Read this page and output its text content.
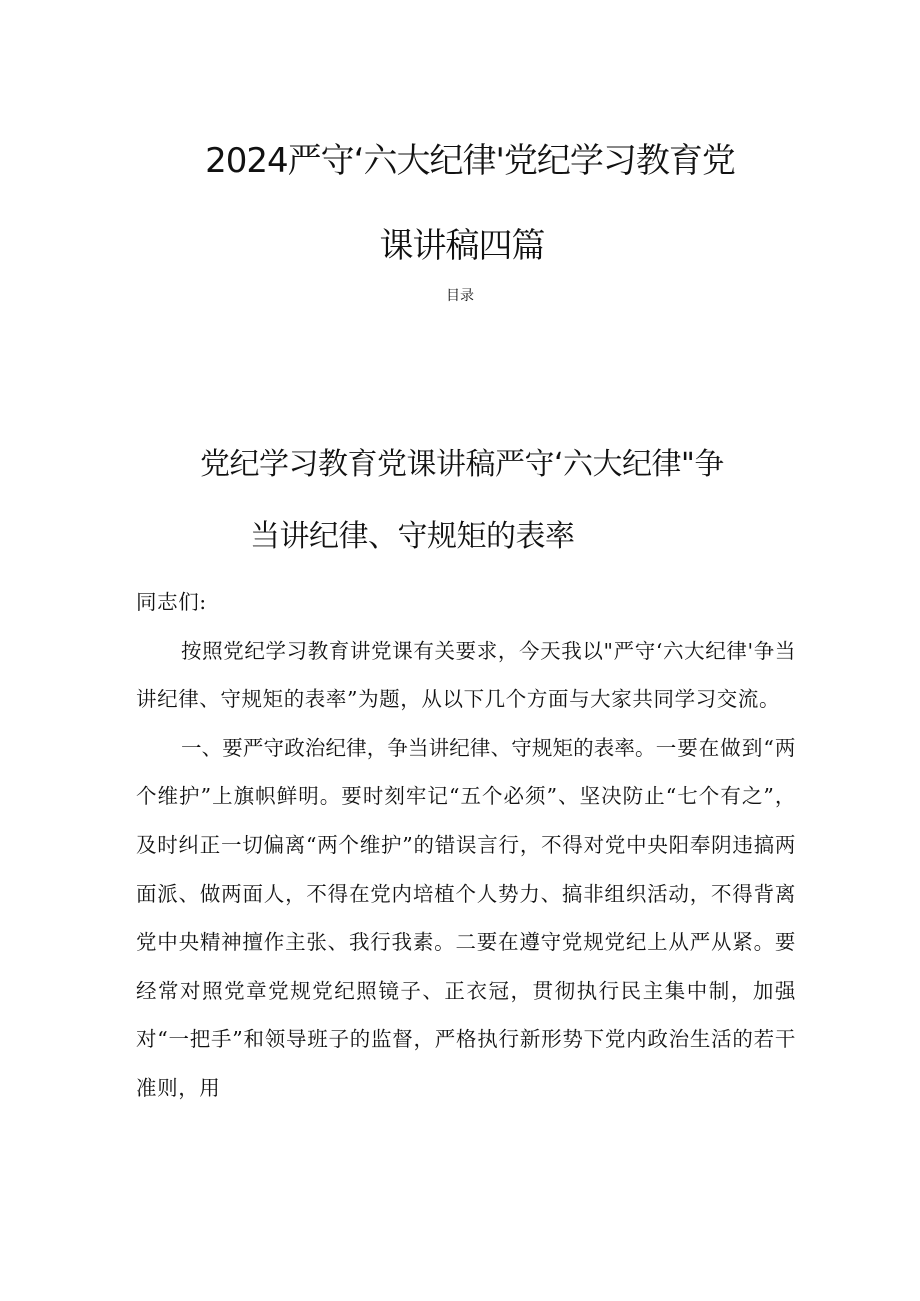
2024严守‘六大纪律'党纪学习教育党
课讲稿四篇
目录
党纪学习教育党课讲稿严守‘六大纪律"争
当讲纪律、守规矩的表率

同志们:

按照党纪学习教育讲党课有关要求，今天我以"严守‘六大纪律'争当讲纪律、守规矩的表率”为题，从以下几个方面与大家共同学习交流。

一、要严守政治纪律，争当讲纪律、守规矩的表率。一要在做到“两个维护”上旗帜鲜明。要时刻牢记“五个必须”、坚决防止“七个有之”，及时纠正一切偏离“两个维护”的错误言行，不得对党中央阳奉阴违搞两面派、做两面人，不得在党内培植个人势力、搞非组织活动，不得背离党中央精神擅作主张、我行我素。二要在遵守党规党纪上从严从紧。要经常对照党章党规党纪照镜子、正衣冠，贯彻执行民主集中制，加强对“一把手”和领导班子的监督，严格执行新形势下党内政治生活的若干准则，用
